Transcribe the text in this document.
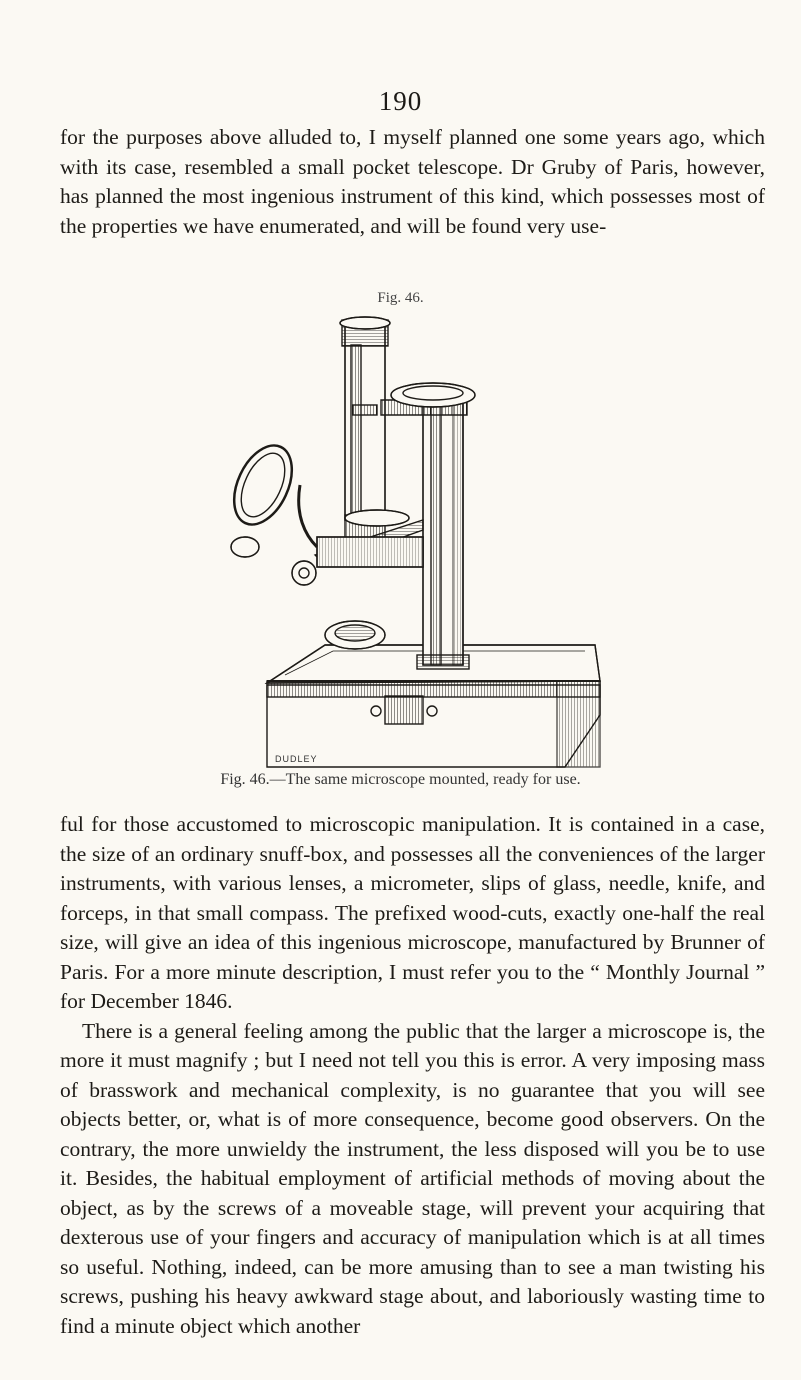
190

for the purposes above alluded to, I myself planned one some years ago, which with its case, resembled a small pocket telescope. Dr Gruby of Paris, however, has planned the most ingenious instrument of this kind, which possesses most of the properties we have enumerated, and will be found very use-

Fig. 46.
DUDLEY
Fig. 46.—The same microscope mounted, ready for use.

ful for those accustomed to microscopic manipulation. It is contained in a case, the size of an ordinary snuff-box, and possesses all the conveniences of the larger instruments, with various lenses, a micrometer, slips of glass, needle, knife, and forceps, in that small compass. The prefixed wood-cuts, exactly one-half the real size, will give an idea of this ingenious microscope, manufactured by Brunner of Paris. For a more minute description, I must refer you to the “ Monthly Journal ” for December 1846.

There is a general feeling among the public that the larger a microscope is, the more it must magnify ; but I need not tell you this is error. A very imposing mass of brasswork and mechanical complexity, is no guarantee that you will see objects better, or, what is of more consequence, become good observers. On the contrary, the more unwieldy the instrument, the less disposed will you be to use it. Besides, the habitual employment of artificial methods of moving about the object, as by the screws of a moveable stage, will prevent your acquiring that dexterous use of your fingers and accuracy of manipulation which is at all times so useful. Nothing, indeed, can be more amusing than to see a man twisting his screws, pushing his heavy awkward stage about, and laboriously wasting time to find a minute object which another
